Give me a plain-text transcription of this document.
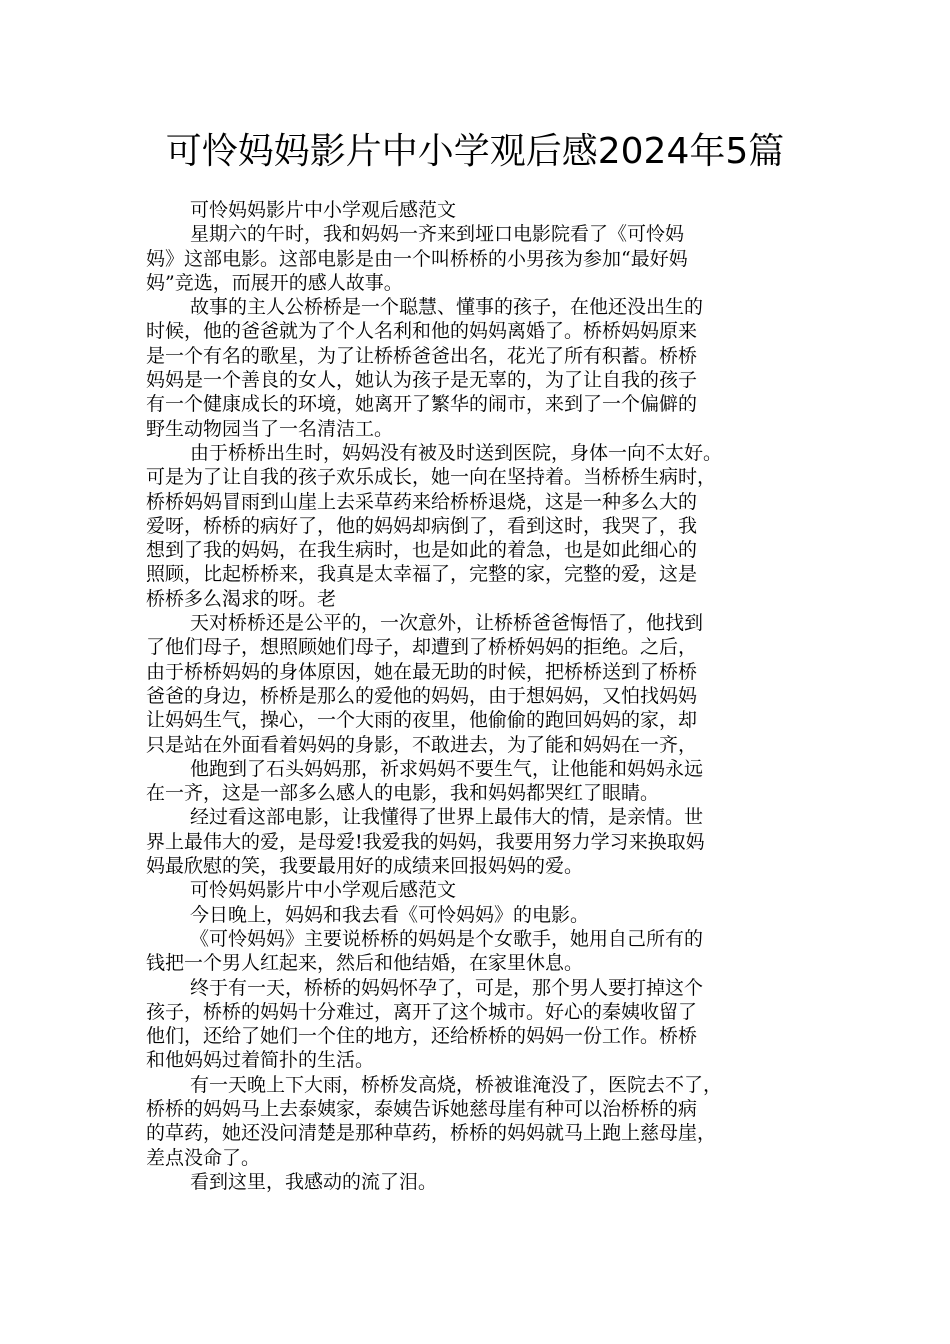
可怜妈妈影片中小学观后感2024年5篇
可怜妈妈影片中小学观后感范文
星期六的午时，我和妈妈一齐来到垭口电影院看了《可怜妈
妈》这部电影。这部电影是由一个叫桥桥的小男孩为参加“最好妈
妈”竞选，而展开的感人故事。
故事的主人公桥桥是一个聪慧、懂事的孩子，在他还没出生的
时候，他的爸爸就为了个人名利和他的妈妈离婚了。桥桥妈妈原来
是一个有名的歌星，为了让桥桥爸爸出名，花光了所有积蓄。桥桥
妈妈是一个善良的女人，她认为孩子是无辜的，为了让自我的孩子
有一个健康成长的环境，她离开了繁华的闹市，来到了一个偏僻的
野生动物园当了一名清洁工。
由于桥桥出生时，妈妈没有被及时送到医院，身体一向不太好。
可是为了让自我的孩子欢乐成长，她一向在坚持着。当桥桥生病时，
桥桥妈妈冒雨到山崖上去采草药来给桥桥退烧，这是一种多么大的
爱呀，桥桥的病好了，他的妈妈却病倒了，看到这时，我哭了，我
想到了我的妈妈，在我生病时，也是如此的着急，也是如此细心的
照顾，比起桥桥来，我真是太幸福了，完整的家，完整的爱，这是
桥桥多么渴求的呀。老
天对桥桥还是公平的，一次意外，让桥桥爸爸悔悟了，他找到
了他们母子，想照顾她们母子，却遭到了桥桥妈妈的拒绝。之后，
由于桥桥妈妈的身体原因，她在最无助的时候，把桥桥送到了桥桥
爸爸的身边，桥桥是那么的爱他的妈妈，由于想妈妈，又怕找妈妈
让妈妈生气，操心，一个大雨的夜里，他偷偷的跑回妈妈的家，却
只是站在外面看着妈妈的身影，不敢进去，为了能和妈妈在一齐，
他跑到了石头妈妈那，祈求妈妈不要生气，让他能和妈妈永远
在一齐，这是一部多么感人的电影，我和妈妈都哭红了眼睛。
经过看这部电影，让我懂得了世界上最伟大的情，是亲情。世
界上最伟大的爱，是母爱!我爱我的妈妈，我要用努力学习来换取妈
妈最欣慰的笑，我要最用好的成绩来回报妈妈的爱。
可怜妈妈影片中小学观后感范文
今日晚上，妈妈和我去看《可怜妈妈》的电影。
《可怜妈妈》主要说桥桥的妈妈是个女歌手，她用自己所有的
钱把一个男人红起来，然后和他结婚，在家里休息。
终于有一天，桥桥的妈妈怀孕了，可是，那个男人要打掉这个
孩子，桥桥的妈妈十分难过，离开了这个城市。好心的秦姨收留了
他们，还给了她们一个住的地方，还给桥桥的妈妈一份工作。桥桥
和他妈妈过着简扑的生活。
有一天晚上下大雨，桥桥发高烧，桥被谁淹没了，医院去不了，
桥桥的妈妈马上去泰姨家，泰姨告诉她慈母崖有种可以治桥桥的病
的草药，她还没问清楚是那种草药，桥桥的妈妈就马上跑上慈母崖，
差点没命了。
看到这里，我感动的流了泪。
